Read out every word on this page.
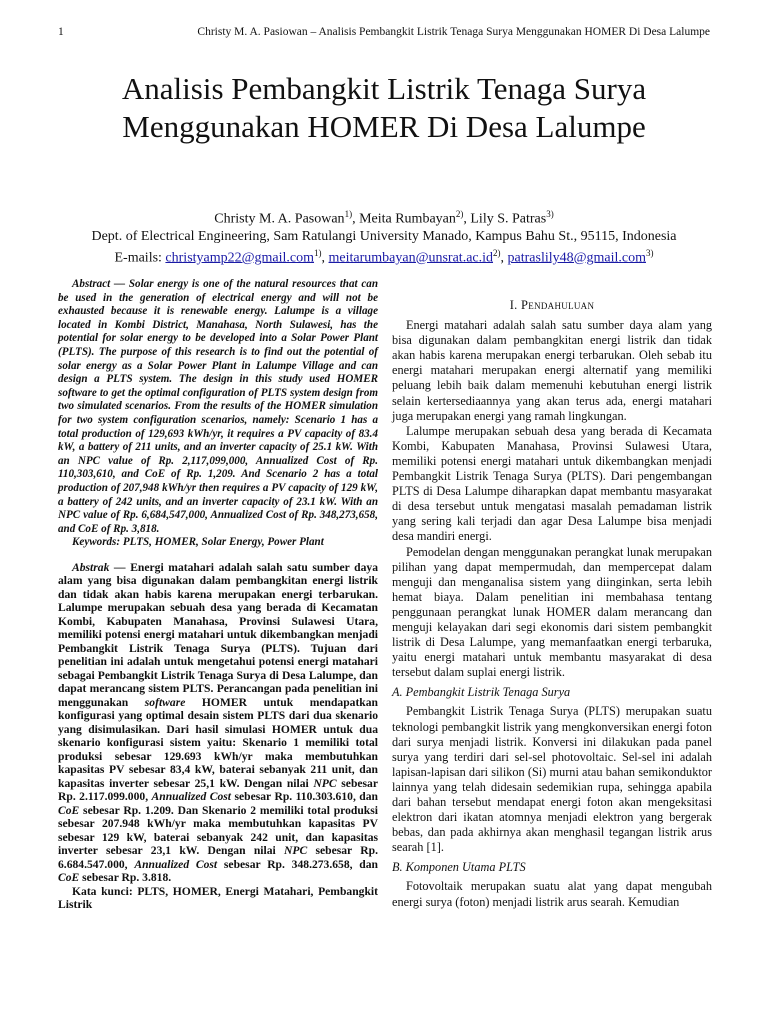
1	Christy M. A. Pasiowan – Analisis Pembangkit Listrik Tenaga Surya Menggunakan HOMER Di Desa Lalumpe
Analisis Pembangkit Listrik Tenaga Surya
Menggunakan HOMER Di Desa Lalumpe
Christy M. A. Pasowan$^{1)}$, Meita Rumbayan$^{2)}$, Lily S. Patras$^{3)}$
Dept. of Electrical Engineering, Sam Ratulangi University Manado, Kampus Bahu St., 95115, Indonesia
E-mails: christyamp22@gmail.com$^{1)}$, $meitarumbayan@unsrat.ac.id^{2)}$, patraslily48@gmail.com$^{3)}$

Abstract — Solar energy is one of the natural resources that can be used in the generation of electrical energy and will not be exhausted because it is renewable energy. Lalumpe is a village located in Kombi District, Manahasa, North Sulawesi, has the potential for solar energy to be developed into a Solar Power Plant (PLTS). The purpose of this research is to find out the potential of solar energy as a Solar Power Plant in Lalumpe Village and can design a PLTS system. The design in this study used HOMER software to get the optimal configuration of PLTS system design from two simulated scenarios. From the results of the HOMER simulation for two system configuration scenarios, namely: Scenario 1 has a total production of 129,693 kWh/yr, it requires a PV capacity of 83.4 kW, a battery of 211 units, and an inverter capacity of 25.1 kW. With an NPC value of Rp. 2,117,099,000, Annualized Cost of Rp. 110,303,610, and CoE of Rp. 1,209. And Scenario 2 has a total production of 207,948 kWh/yr then requires a PV capacity of 129 kW, a battery of 242 units, and an inverter capacity of 23.1 kW. With an NPC value of Rp. 6,684,547,000, Annualized Cost of Rp. 348,273,658, and CoE of Rp. 3,818.

Keywords: PLTS, HOMER, Solar Energy, Power Plant

Abstrak — Energi matahari adalah salah satu sumber daya alam yang bisa digunakan dalam pembangkitan energi listrik dan tidak akan habis karena merupakan energi terbarukan. Lalumpe merupakan sebuah desa yang berada di Kecamatan Kombi, Kabupaten Manahasa, Provinsi Sulawesi Utara, memiliki potensi energi matahari untuk dikembangkan menjadi Pembangkit Listrik Tenaga Surya (PLTS). Tujuan dari penelitian ini adalah untuk mengetahui potensi energi matahari sebagai Pembangkit Listrik Tenaga Surya di Desa Lalumpe, dan dapat merancang sistem PLTS. Perancangan pada penelitian ini menggunakan software HOMER untuk mendapatkan konfigurasi yang optimal desain sistem PLTS dari dua skenario yang disimulasikan. Dari hasil simulasi HOMER untuk dua skenario konfigurasi sistem yaitu: Skenario 1 memiliki total produksi sebesar 129.693 kWh/yr maka membutuhkan kapasitas PV sebesar 83,4 kW, baterai sebanyak 211 unit, dan kapasitas inverter sebesar 25,1 kW. Dengan nilai NPC sebesar Rp. 2.117.099.000, Annualized Cost sebesar Rp. 110.303.610, dan CoE sebesar Rp. 1.209. Dan Skenario 2 memiliki total produksi sebesar 207.948 kWh/yr maka membutuhkan kapasitas PV sebesar 129 kW, baterai sebanyak 242 unit, dan kapasitas inverter sebesar 23,1 kW. Dengan nilai NPC sebesar Rp. 6.684.547.000, Annualized Cost sebesar Rp. 348.273.658, dan CoE sebesar Rp. 3.818.

Kata kunci: PLTS, HOMER, Energi Matahari, Pembangkit Listrik

I. Pendahuluan

Energi matahari adalah salah satu sumber daya alam yang bisa digunakan dalam pembangkitan energi listrik dan tidak akan habis karena merupakan energi terbarukan. Oleh sebab itu energi matahari merupakan energi alternatif yang memiliki peluang lebih baik dalam memenuhi kebutuhan energi listrik selain kertersediaannya yang akan terus ada, energi matahari juga merupakan energi yang ramah lingkungan.

Lalumpe merupakan sebuah desa yang berada di Kecamata Kombi, Kabupaten Manahasa, Provinsi Sulawesi Utara, memiliki potensi energi matahari untuk dikembangkan menjadi Pembangkit Listrik Tenaga Surya (PLTS). Dari pengembangan PLTS di Desa Lalumpe diharapkan dapat membantu masyarakat di desa tersebut untuk mengatasi masalah pemadaman listrik yang sering kali terjadi dan agar Desa Lalumpe bisa menjadi desa mandiri energi.

Pemodelan dengan menggunakan perangkat lunak merupakan pilihan yang dapat mempermudah, dan mempercepat dalam menguji dan menganalisa sistem yang diinginkan, serta lebih hemat biaya. Dalam penelitian ini membahasa tentang penggunaan perangkat lunak HOMER dalam merancang dan menguji kelayakan dari segi ekonomis dari sistem pembangkit listrik di Desa Lalumpe, yang memanfaatkan energi terbaruka, yaitu energi matahari untuk membantu masyarakat di desa tersebut dalam suplai energi listrik.

A. Pembangkit Listrik Tenaga Surya

Pembangkit Listrik Tenaga Surya (PLTS) merupakan suatu teknologi pembangkit listrik yang mengkonversikan energi foton dari surya menjadi listrik. Konversi ini dilakukan pada panel surya yang terdiri dari sel-sel photovoltaic. Sel-sel ini adalah lapisan-lapisan dari silikon (Si) murni atau bahan semikonduktor lainnya yang telah didesain sedemikian rupa, sehingga apabila dari bahan tersebut mendapat energi foton akan mengeksitasi elektron dari ikatan atomnya menjadi elektron yang bergerak bebas, dan pada akhirnya akan menghasil tegangan listrik arus searah [1].

B. Komponen Utama PLTS

Fotovoltaik merupakan suatu alat yang dapat mengubah energi surya (foton) menjadi listrik arus searah. Kemudian
